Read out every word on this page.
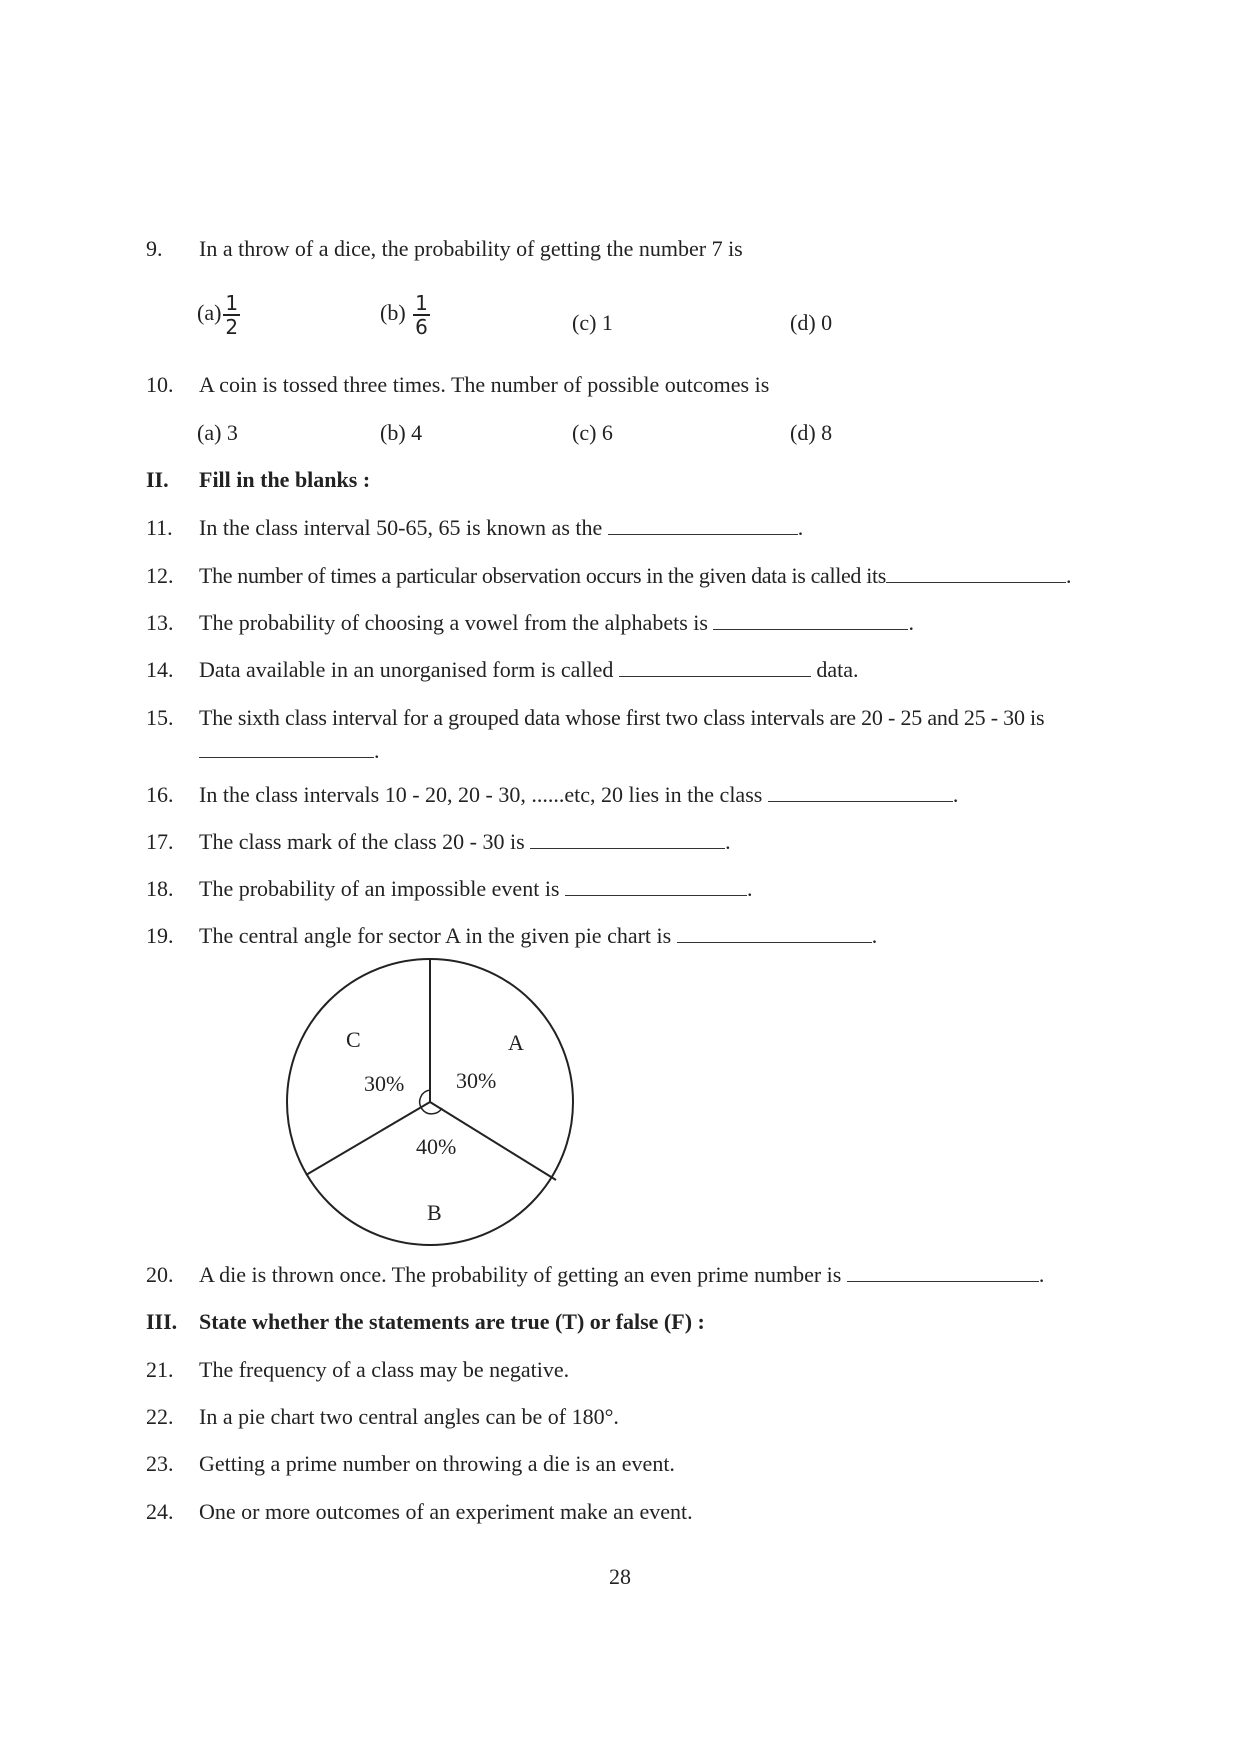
9. In a throw of a dice, the probability of getting the number 7 is
$(a) \frac{1}{2}$	$(b) \frac{1}{6}$	(c) 1	(d) 0
10. A coin is tossed three times. The number of possible outcomes is
(a) 3	(b) 4	(c) 6	(d) 8
II. Fill in the blanks :
11. In the class interval 50-65, 65 is known as the	.
12. The number of times a particular observation occurs in the given data is called its	.
13. The probability of choosing a vowel from the alphabets is	.
14. Data available in an unorganised form is called	data.
15. The sixth class interval for a grouped data whose first two class intervals are 20 - 25 and 25 - 30 is
.
16. In the class intervals 10 - 20, 20 - 30, ......etc, 20 lies in the class	.
17. The class mark of the class 20 - 30 is	.
18. The probability of an impossible event is	.
19. The central angle for sector A in the given pie chart is	.
C	A
30% 30%
40%
B
20. A die is thrown once. The probability of getting an even prime number is	.
III. State whether the statements are true (T) or false (F) :
21. The frequency of a class may be negative.
22. In a pie chart two central angles can be of 180°.
23. Getting a prime number on throwing a die is an event.
24. One or more outcomes of an experiment make an event.
28
